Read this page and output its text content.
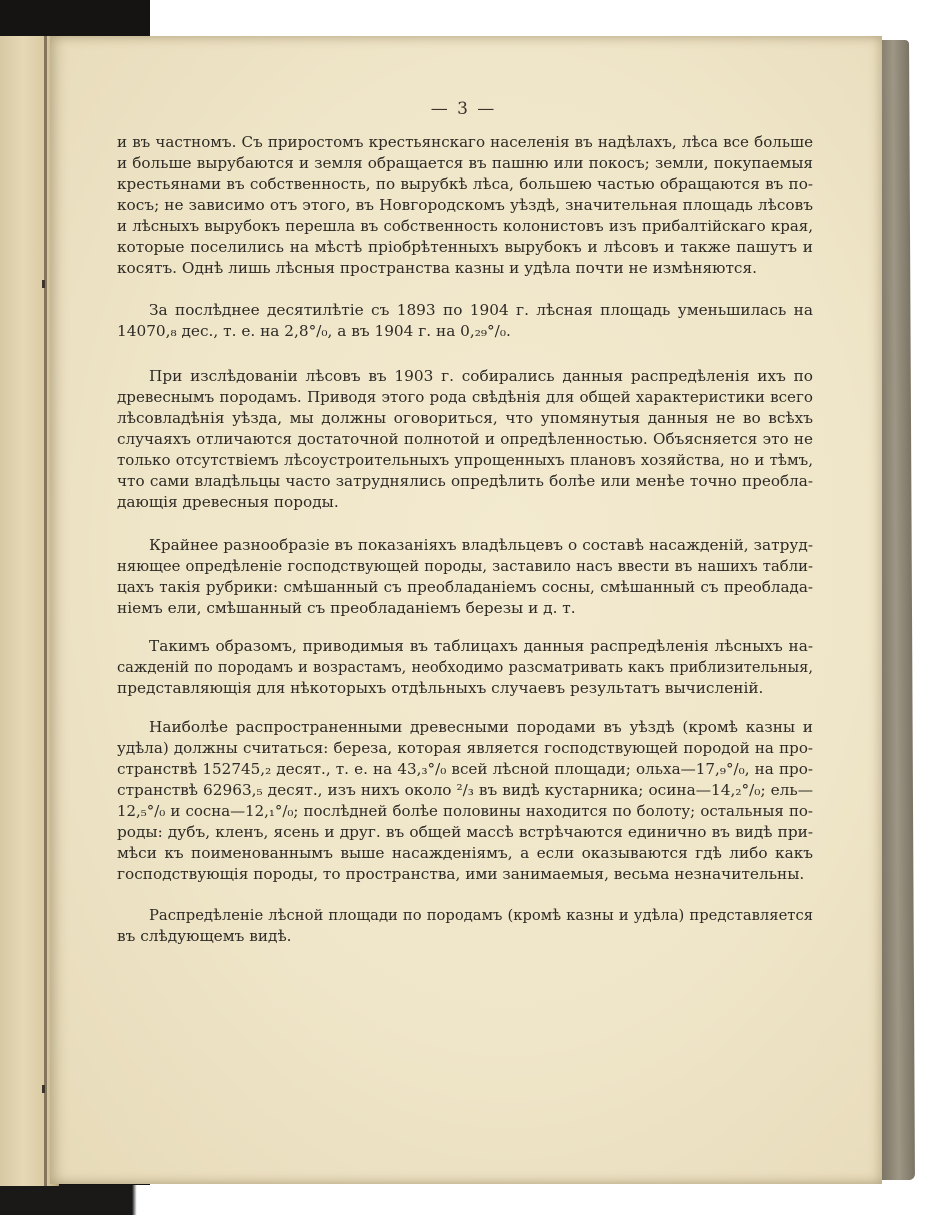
— 3 —
и въ частномъ. Съ приростомъ крестьянскаго населенія въ надѣлахъ, лѣса все больше
и больше вырубаются и земля обращается въ пашню или покосъ; земли, покупаемыя
крестьянами въ собственность, по вырубкѣ лѣса, большею частью обращаются въ по-
косъ; не зависимо отъ этого, въ Новгородскомъ уѣздѣ, значительная площадь лѣсовъ
и лѣсныхъ вырубокъ перешла въ собственность колонистовъ изъ прибалтійскаго края,
которые поселились на мѣстѣ пріобрѣтенныхъ вырубокъ и лѣсовъ и также пашутъ и
косятъ. Однѣ лишь лѣсныя пространства казны и удѣла почти не измѣняются.
За послѣднее десятилѣтіе съ 1893 по 1904 г. лѣсная площадь уменьшилась на
14070,₈ дес., т. е. на 2,8°/₀, а въ 1904 г. на 0,₂₉°/₀.
При изслѣдованіи лѣсовъ въ 1903 г. собирались данныя распредѣленія ихъ по
древеснымъ породамъ. Приводя этого рода свѣдѣнія для общей характеристики всего
лѣсовладѣнія уѣзда, мы должны оговориться, что упомянутыя данныя не во всѣхъ
случаяхъ отличаются достаточной полнотой и опредѣленностью. Объясняется это не
только отсутствіемъ лѣсоустроительныхъ упрощенныхъ плановъ хозяйства, но и тѣмъ,
что сами владѣльцы часто затруднялись опредѣлить болѣе или менѣе точно преобла-
дающія древесныя породы.
Крайнее разнообразіе въ показаніяхъ владѣльцевъ о составѣ насажденій, затруд-
няющее опредѣленіе господствующей породы, заставило насъ ввести въ нашихъ табли-
цахъ такія рубрики: смѣшанный съ преобладаніемъ сосны, смѣшанный съ преоблада-
ніемъ ели, смѣшанный съ преобладаніемъ березы и д. т.
Такимъ образомъ, приводимыя въ таблицахъ данныя распредѣленія лѣсныхъ на-
сажденій по породамъ и возрастамъ, необходимо разсматривать какъ приблизительныя,
представляющія для нѣкоторыхъ отдѣльныхъ случаевъ результатъ вычисленій.
Наиболѣе распространенными древесными породами въ уѣздѣ (кромѣ казны и
удѣла) должны считаться: береза, которая является господствующей породой на про-
странствѣ 152745,₂ десят., т. е. на 43,₃°/₀ всей лѣсной площади; ольха—17,₉°/₀, на про-
странствѣ 62963,₅ десят., изъ нихъ около ²/₃ въ видѣ кустарника; осина—14,₂°/₀; ель—
12,₅°/₀ и сосна—12,₁°/₀; послѣдней болѣе половины находится по болоту; остальныя по-
роды: дубъ, кленъ, ясень и друг. въ общей массѣ встрѣчаются единично въ видѣ при-
мѣси къ поименованнымъ выше насажденіямъ, а если оказываются гдѣ либо какъ
господствующія породы, то пространства, ими занимаемыя, весьма незначительны.
Распредѣленіе лѣсной площади по породамъ (кромѣ казны и удѣла) представляется
въ слѣдующемъ видѣ.
